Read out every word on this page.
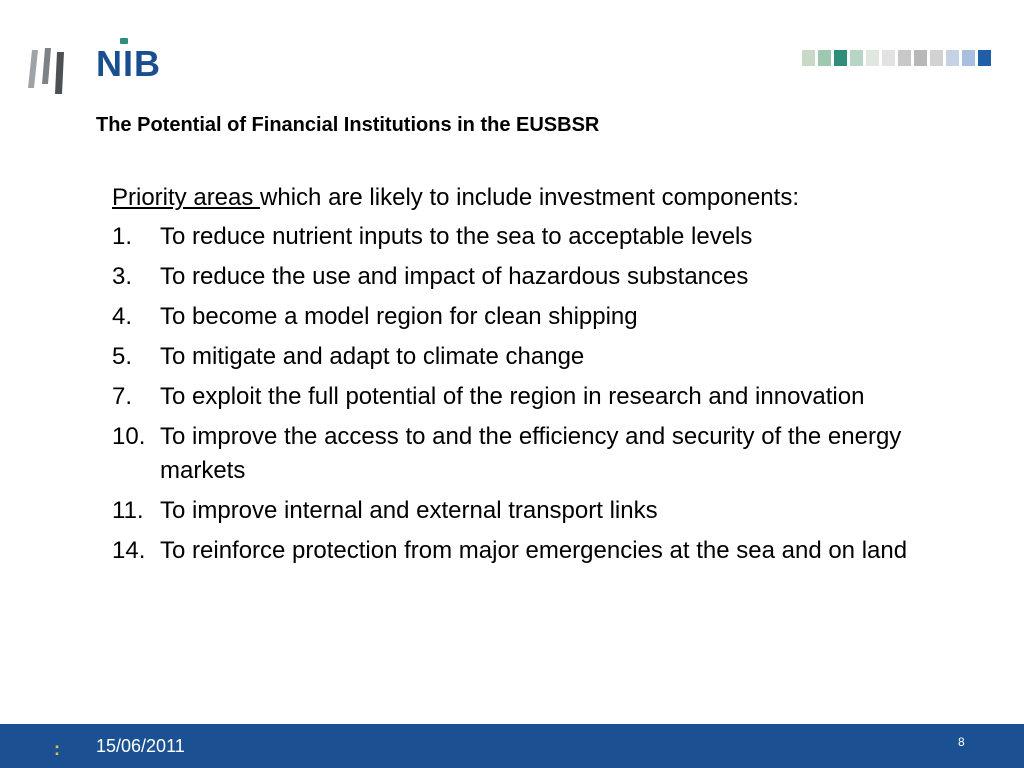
NIB
The Potential of Financial Institutions in the EUSBSR

Priority areas which are likely to include investment components:

1. To reduce nutrient inputs to the sea to acceptable levels
3. To reduce the use and impact of hazardous substances
4. To become a model region for clean shipping
5. To mitigate and adapt to climate change
7. To exploit the full potential of the region in research and innovation
10. To improve the access to and the efficiency and security of the energy markets
11. To improve internal and external transport links
14. To reinforce protection from major emergencies at the sea and on land
: 15/06/2011	8
